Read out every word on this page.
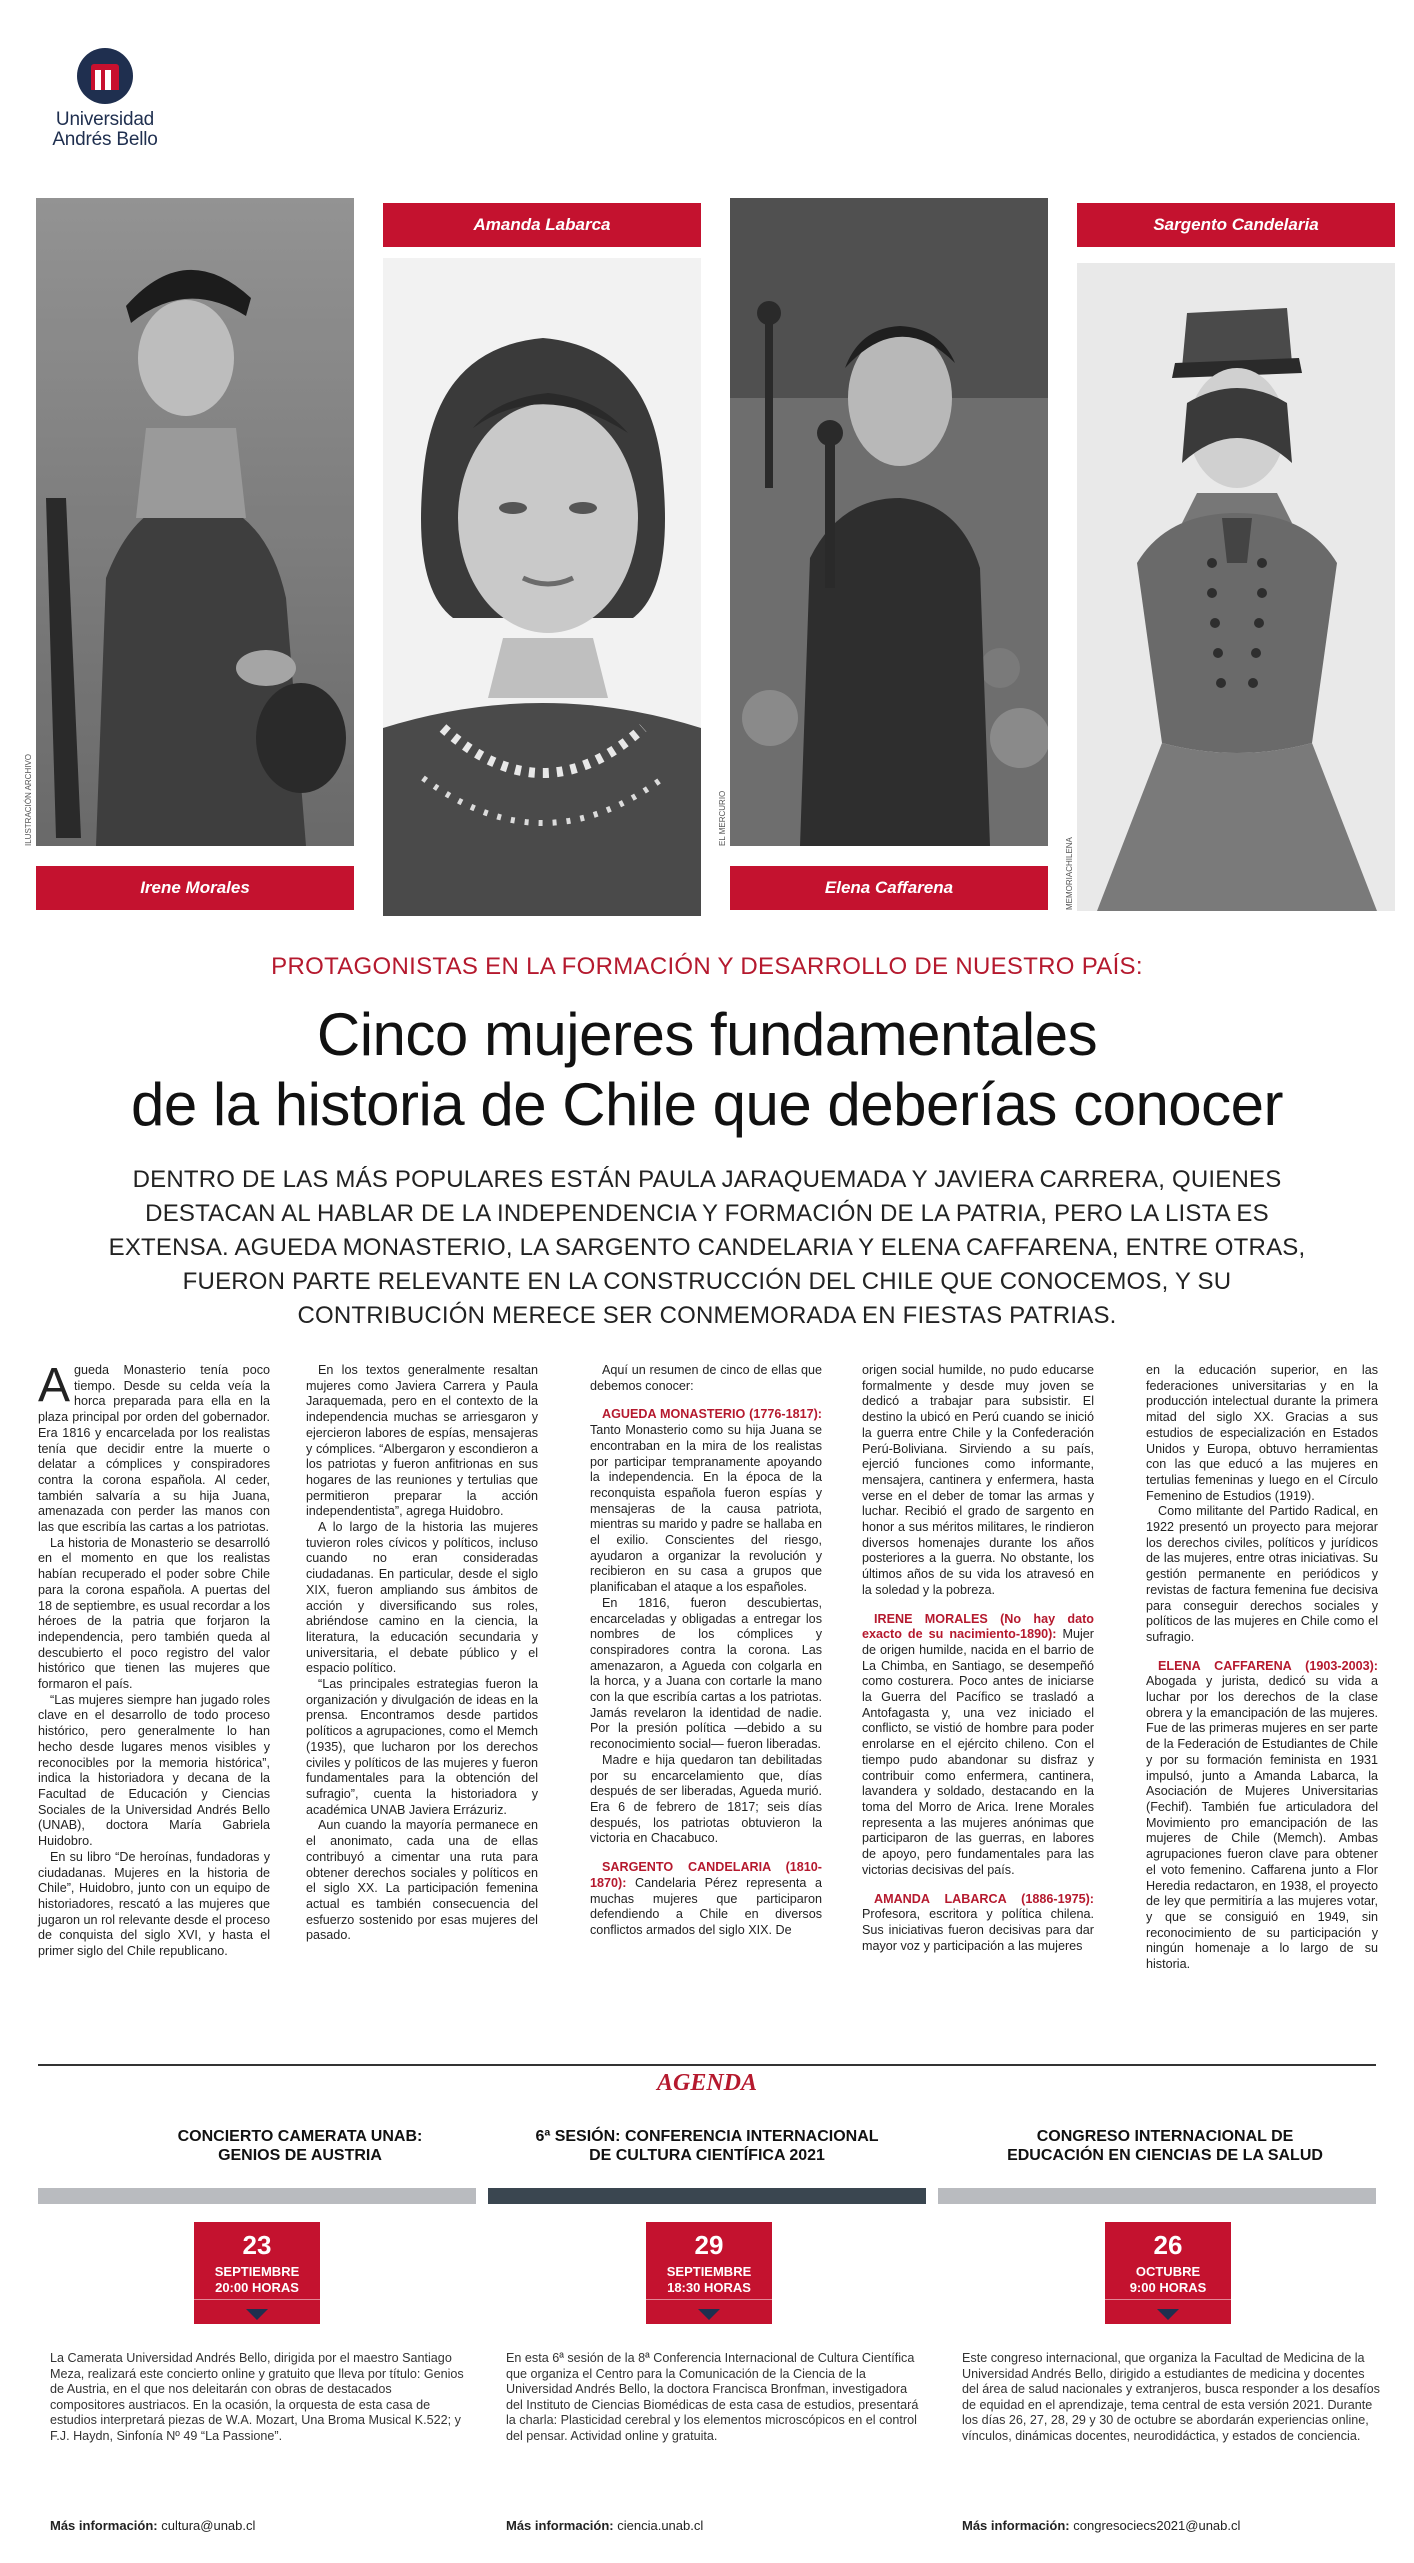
Universidad
Andrés Bello
ILUSTRACIÓN ARCHIVO
Irene Morales
Amanda Labarca
EL MERCURIO
Elena Caffarena
Sargento Candelaria
MEMORIACHILENA
PROTAGONISTAS EN LA FORMACIÓN Y DESARROLLO DE NUESTRO PAÍS:
Cinco mujeres fundamentales
de la historia de Chile que deberías conocer
DENTRO DE LAS MÁS POPULARES ESTÁN PAULA JARAQUEMADA Y JAVIERA CARRERA, QUIENES DESTACAN AL HABLAR DE LA INDEPENDENCIA Y FORMACIÓN DE LA PATRIA, PERO LA LISTA ES EXTENSA. AGUEDA MONASTERIO, LA SARGENTO CANDELARIA Y ELENA CAFFARENA, ENTRE OTRAS, FUERON PARTE RELEVANTE EN LA CONSTRUCCIÓN DEL CHILE QUE CONOCEMOS, Y SU CONTRIBUCIÓN MERECE SER CONMEMORADA EN FIESTAS PATRIAS.

Agueda Monasterio tenía poco tiempo. Desde su celda veía la horca preparada para ella en la plaza principal por orden del gobernador. Era 1816 y encarcelada por los realistas tenía que decidir entre la muerte o delatar a cómplices y conspiradores contra la corona española. Al ceder, también salvaría a su hija Juana, amenazada con perder las manos con las que escribía las cartas a los patriotas.

La historia de Monasterio se desarrolló en el momento en que los realistas habían recuperado el poder sobre Chile para la corona española. A puertas del 18 de septiembre, es usual recordar a los héroes de la patria que forjaron la independencia, pero también queda al descubierto el poco registro del valor histórico que tienen las mujeres que formaron el país.

“Las mujeres siempre han jugado roles clave en el desarrollo de todo proceso histórico, pero generalmente lo han hecho desde lugares menos visibles y reconocibles por la memoria histórica”, indica la historiadora y decana de la Facultad de Educación y Ciencias Sociales de la Universidad Andrés Bello (UNAB), doctora María Gabriela Huidobro.

En su libro “De heroínas, fundadoras y ciudadanas. Mujeres en la historia de Chile”, Huidobro, junto con un equipo de historiadores, rescató a las mujeres que jugaron un rol relevante desde el proceso de conquista del siglo XVI, y hasta el primer siglo del Chile republicano.

En los textos generalmente resaltan mujeres como Javiera Carrera y Paula Jaraquemada, pero en el contexto de la independencia muchas se arriesgaron y ejercieron labores de espías, mensajeras y cómplices. “Albergaron y escondieron a los patriotas y fueron anfitrionas en sus hogares de las reuniones y tertulias que permitieron preparar la acción independentista”, agrega Huidobro.

A lo largo de la historia las mujeres tuvieron roles cívicos y políticos, incluso cuando no eran consideradas ciudadanas. En particular, desde el siglo XIX, fueron ampliando sus ámbitos de acción y diversificando sus roles, abriéndose camino en la ciencia, la literatura, la educación secundaria y universitaria, el debate público y el espacio político.

“Las principales estrategias fueron la organización y divulgación de ideas en la prensa. Encontramos desde partidos políticos a agrupaciones, como el Memch (1935), que lucharon por los derechos civiles y políticos de las mujeres y fueron fundamentales para la obtención del sufragio”, cuenta la historiadora y académica UNAB Javiera Errázuriz.

Aun cuando la mayoría permanece en el anonimato, cada una de ellas contribuyó a cimentar una ruta para obtener derechos sociales y políticos en el siglo XX. La participación femenina actual es también consecuencia del esfuerzo sostenido por esas mujeres del pasado.

Aquí un resumen de cinco de ellas que debemos conocer:

AGUEDA MONASTERIO (1776-1817): Tanto Monasterio como su hija Juana se encontraban en la mira de los realistas por participar tempranamente apoyando la independencia. En la época de la reconquista española fueron espías y mensajeras de la causa patriota, mientras su marido y padre se hallaba en el exilio. Conscientes del riesgo, ayudaron a organizar la revolución y recibieron en su casa a grupos que planificaban el ataque a los españoles.

En 1816, fueron descubiertas, encarceladas y obligadas a entregar los nombres de los cómplices y conspiradores contra la corona. Las amenazaron, a Agueda con colgarla en la horca, y a Juana con cortarle la mano con la que escribía cartas a los patriotas. Jamás revelaron la identidad de nadie. Por la presión política —debido a su reconocimiento social— fueron liberadas.

Madre e hija quedaron tan debilitadas por su encarcelamiento que, días después de ser liberadas, Agueda murió. Era 6 de febrero de 1817; seis días después, los patriotas obtuvieron la victoria en Chacabuco.

SARGENTO CANDELARIA (1810-1870): Candelaria Pérez representa a muchas mujeres que participaron defendiendo a Chile en diversos conflictos armados del siglo XIX. De

origen social humilde, no pudo educarse formalmente y desde muy joven se dedicó a trabajar para subsistir. El destino la ubicó en Perú cuando se inició la guerra entre Chile y la Confederación Perú-Boliviana. Sirviendo a su país, ejerció funciones como informante, mensajera, cantinera y enfermera, hasta verse en el deber de tomar las armas y luchar. Recibió el grado de sargento en honor a sus méritos militares, le rindieron diversos homenajes durante los años posteriores a la guerra. No obstante, los últimos años de su vida los atravesó en la soledad y la pobreza.

IRENE MORALES (No hay dato exacto de su nacimiento-1890): Mujer de origen humilde, nacida en el barrio de La Chimba, en Santiago, se desempeñó como costurera. Poco antes de iniciarse la Guerra del Pacífico se trasladó a Antofagasta y, una vez iniciado el conflicto, se vistió de hombre para poder enrolarse en el ejército chileno. Con el tiempo pudo abandonar su disfraz y contribuir como enfermera, cantinera, lavandera y soldado, destacando en la toma del Morro de Arica. Irene Morales representa a las mujeres anónimas que participaron de las guerras, en labores de apoyo, pero fundamentales para las victorias decisivas del país.

AMANDA LABARCA (1886-1975): Profesora, escritora y política chilena. Sus iniciativas fueron decisivas para dar mayor voz y participación a las mujeres

en la educación superior, en las federaciones universitarias y en la producción intelectual durante la primera mitad del siglo XX. Gracias a sus estudios de especialización en Estados Unidos y Europa, obtuvo herramientas con las que educó a las mujeres en tertulias femeninas y luego en el Círculo Femenino de Estudios (1919).

Como militante del Partido Radical, en 1922 presentó un proyecto para mejorar los derechos civiles, políticos y jurídicos de las mujeres, entre otras iniciativas. Su gestión permanente en periódicos y revistas de factura femenina fue decisiva para conseguir derechos sociales y políticos de las mujeres en Chile como el sufragio.

ELENA CAFFARENA (1903-2003): Abogada y jurista, dedicó su vida a luchar por los derechos de la clase obrera y la emancipación de las mujeres. Fue de las primeras mujeres en ser parte de la Federación de Estudiantes de Chile y por su formación feminista en 1931 impulsó, junto a Amanda Labarca, la Asociación de Mujeres Universitarias (Fechif). También fue articuladora del Movimiento pro emancipación de las mujeres de Chile (Memch). Ambas agrupaciones fueron clave para obtener el voto femenino. Caffarena junto a Flor Heredia redactaron, en 1938, el proyecto de ley que permitiría a las mujeres votar, y que se consiguió en 1949, sin reconocimiento de su participación y ningún homenaje a lo largo de su historia.

AGENDA
CONCIERTO CAMERATA UNAB:
GENIOS DE AUSTRIA
23
SEPTIEMBRE
20:00 HORAS
La Camerata Universidad Andrés Bello, dirigida por el maestro Santiago Meza, realizará este concierto online y gratuito que lleva por título: Genios de Austria, en el que nos deleitarán con obras de destacados compositores austriacos. En la ocasión, la orquesta de esta casa de estudios interpretará piezas de W.A. Mozart, Una Broma Musical K.522; y F.J. Haydn, Sinfonía Nº 49 “La Passione”.
Más información: cultura@unab.cl
6ª SESIÓN: CONFERENCIA INTERNACIONAL
DE CULTURA CIENTÍFICA 2021
29
SEPTIEMBRE
18:30 HORAS
En esta 6ª sesión de la 8ª Conferencia Internacional de Cultura Científica que organiza el Centro para la Comunicación de la Ciencia de la Universidad Andrés Bello, la doctora Francisca Bronfman, investigadora del Instituto de Ciencias Biomédicas de esta casa de estudios, presentará la charla: Plasticidad cerebral y los elementos microscópicos en el control del pensar. Actividad online y gratuita.
Más información: ciencia.unab.cl
CONGRESO INTERNACIONAL DE
EDUCACIÓN EN CIENCIAS DE LA SALUD
26
OCTUBRE
9:00 HORAS
Este congreso internacional, que organiza la Facultad de Medicina de la Universidad Andrés Bello, dirigido a estudiantes de medicina y docentes del área de salud nacionales y extranjeros, busca responder a los desafíos de equidad en el aprendizaje, tema central de esta versión 2021. Durante los días 26, 27, 28, 29 y 30 de octubre se abordarán experiencias online, vínculos, dinámicas docentes, neurodidáctica, y estados de conciencia.
Más información: congresociecs2021@unab.cl
